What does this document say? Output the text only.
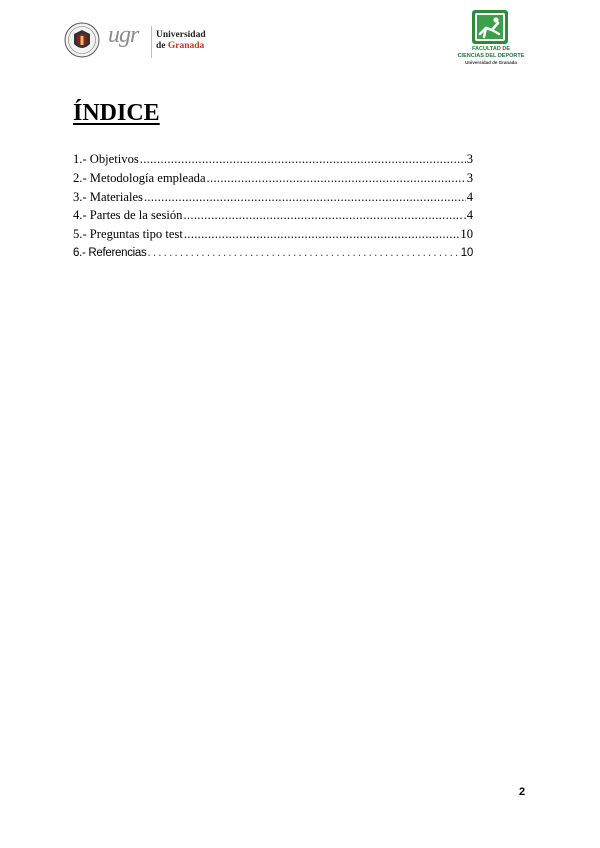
ugr Universidad
de Granada	FACULTAD DE
CIENCIAS DEL DEPORTE
Universidad de Granada
ÍNDICE
1.- Objetivos .....	3
2.- Metodología empleada .....	3
3.- Materiales .....	4
4.- Partes de la sesión .....	.4
5.- Preguntas tipo test .....	10
6.- Referencias .....	10
2
